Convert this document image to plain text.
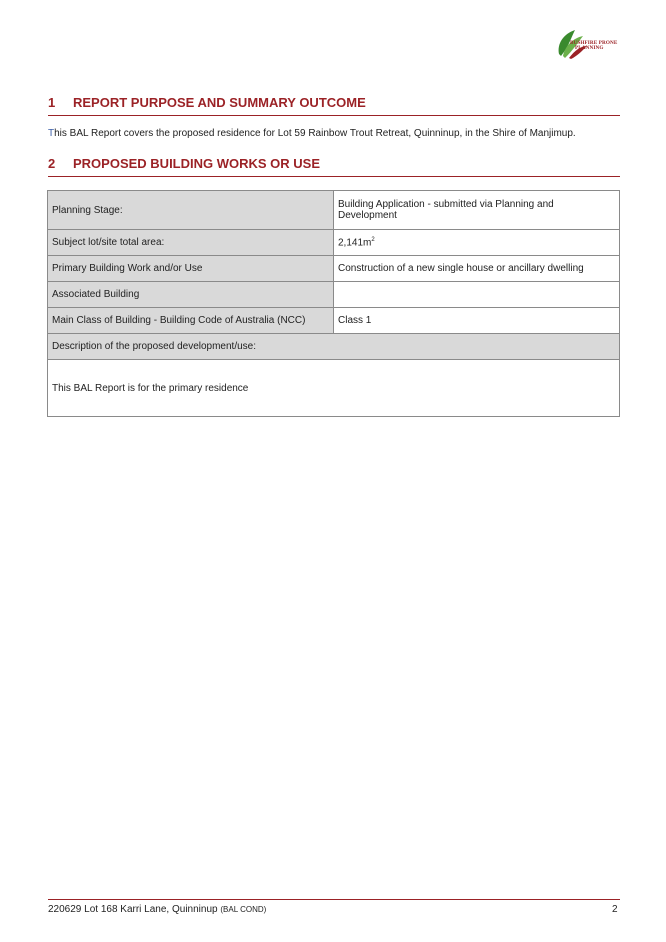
BUSHFIRE PRONE
PLANNING
1 REPORT PURPOSE AND SUMMARY OUTCOME
This BAL Report covers the proposed residence for Lot 59 Rainbow Trout Retreat, Quinninup, in the Shire of Manjimup.
2 PROPOSED BUILDING WORKS OR USE
Planning Stage:	Building Application - submitted via Planning and Development
Subject lot/site total area:	$2,141m^2$
Primary Building Work and/or Use	Construction of a new single house or ancillary dwelling
Associated Building	
Main Class of Building - Building Code of Australia (NCC)	Class 1
Description of the proposed development/use:	
This BAL Report is for the primary residence	
220629 Lot 168 Karri Lane, Quinninup (BAL COND)	2
